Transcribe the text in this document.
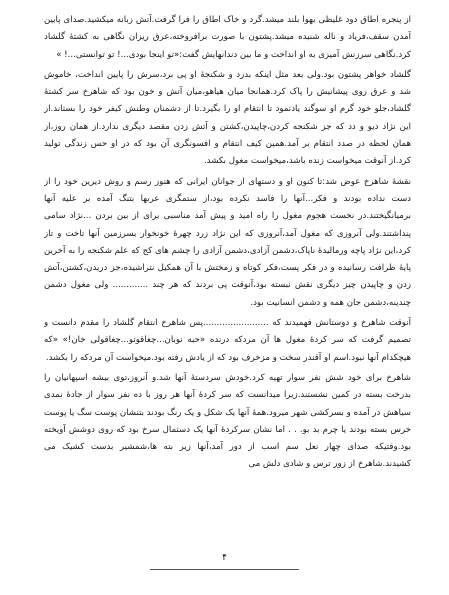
از پنجره اطاق دود غلیظی بهوا بلند میشد.گرد و خاک اطاق را فرا گرفت.آتش زبانه میکشید.صدای پایین آمدن سقف،فریاد و ناله شنیده میشد.پشتون با صورت برافروخته،عرق ریزان نگاهی به کشتهٔ گلشاد کرد.نگاهی سرزنش آمیزی به او انداخت و ما بین دندانهایش گفت:«تو اینجا بودی...! تو توانستی...! »

گلشاد خواهر پشتون بود.ولی بعد مثل اینکه بدرد و شکنجهٔ او پی برد،سرش را پایین انداخت، خاموش شد و عرق روی پیشانیش را پاک کرد.همانجا میان هیاهو،میان آتش و خون بود که شاهرخ سر کشتهٔ گلشاد،جلو خود گرم او سوگند یادنمود تا انتقام او را بگیرد.تا از دشمنان وطنش کیفر خود را بستاند.از این نژاد دیو و دد که جز شکنجه کردن،چاپیدن،کشتن و آتش زدن مقصد دیگری ندارد.از همان روز،از همان لحظه در صدد انتقام بر آمد.همین کیف انتقام و افسونگری آن بود که در او حس زندگی تولید کرد.از آنوقت میخواست زنده باشد،میخواست مغول بکشد.

نقشهٔ شاهرخ عوض شد:تا کنون او و دستهای از جوانان ایرانی که هنوز رسم و روش دیرین خود را از دست نداده بودند و فکر...آنها را فاسد نکرده بود،از ستمگری عربها بتنگ آمده بر علیه آنها برمیانگیختند.در نخست هجوم مغول را راه امید و پیش آمد مناسبی برای از بین بردن ...نژاد سامی پنداشتند.ولی آنروزی که مغول آمد،آنروزی که این نژاد زرد چهرهٔ خونخوار بسرزمین آنها تاخت و تاز کرد،این نژاد پاچه ورمالیدهٔ ناپاک،دشمن آزادی،دشمن آزادی را چشم های کج که علم شکنجه را به آخرین پایهٔ ظرافت رسانیده و در فکر پست،فکر کوتاه و زمختش با آن همکیل نتراشیده،جز دریدن،کشتن،آتش زدن و چاپیدن چیز دیگری نقش نبسته بود،آنوقت پی بردند که هر چند ............. ولی مغول دشمن چندینه،دشمن جان همه و دشمن انسانیت بود.

آنوقت شاهرخ و دوستانش فهمیدند که ........................پس شاهرخ انتقام گلشاد را مقدم دانست و تصمیم گرفت که سر کردهٔ مغول ها آن مردکه درنده «حبه نوبان...چغاقوتو...چغاقولی خان!» «که هیچکدام آنها نبود.اسم او آقندر سخت و مزخرف بود که از یادش رفته بود.میخواست آن مردکه را بکشد.

شاهرخ برای خود شش نفر سوار تهیه کرد.خودش سردستهٔ آنها شد.و آنروز،توی بیشه اسپهانیان را بدرخت بسته در کمین نشستند.زیرا میدانست که سر کردهٔ آنها هر روز با ده نفر سوار از جادهٔ نمدی سیاهش در آمده و بسرکشی شهر میرود.همهٔ آنها یک شکل و یک رنگ بودند بتنشان پوست سگ یا پوست خرس بسته بودند یا چرم بد بو. . . اما نشان سرکردهٔ آنها یک دستمال سرخ بود که روی دوشش آویخته بود.وقتیکه صدای چهار نعل سم اسب از دور آمد،آنها زیر بته ها،شمشیر بدست کشیک می کشیدند.شاهرخ از زور ترس و شادی دلش می

۴
